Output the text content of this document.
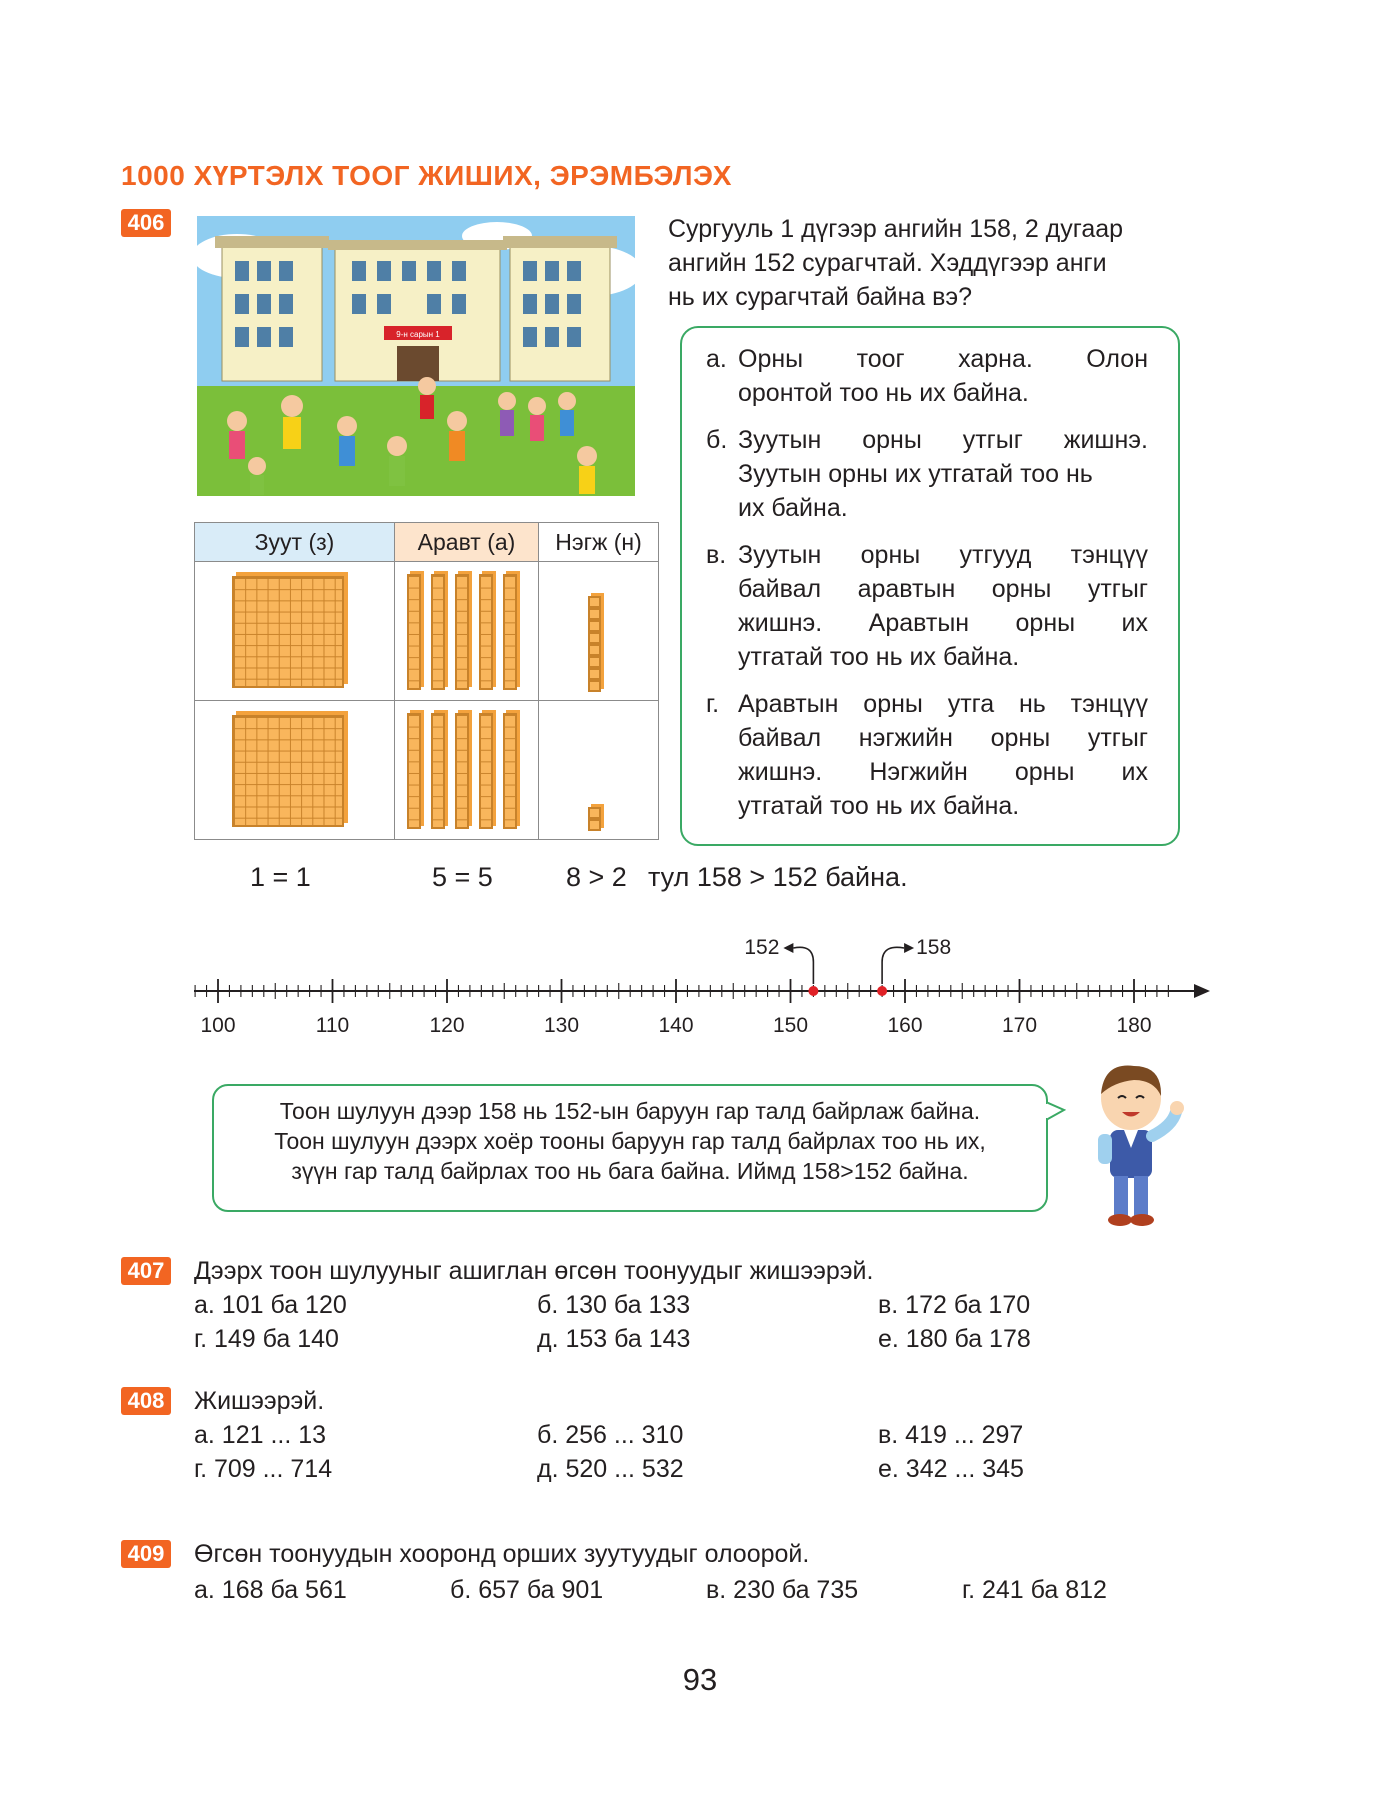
1000 ХҮРТЭЛХ ТООГ ЖИШИХ, ЭРЭМБЭЛЭХ
406
9-н сарын 1
Сургууль 1 дүгээр ангийн 158, 2 дугаар
ангийн 152 сурагчтай. Хэддүгээр анги
нь их сурагчтай байна вэ?
а. Орны тоог харна. Олон
оронтой тоо нь их байна.
б. Зуутын орны утгыг жишнэ.
Зуутын орны их утгатай тоо нь
их байна.
в. Зуутын орны утгууд тэнцүү
байвал аравтын орны утгыг
жишнэ. Аравтын орны их
утгатай тоо нь их байна.
г. Аравтын орны утга нь тэнцүү
байвал нэгжийн орны утгыг
жишнэ. Нэгжийн орны их
утгатай тоо нь их байна.
Зуут (з)	Аравт (а)	Нэгж (н)

1 = 1	5 = 5	8 > 2 тул 158 > 152 байна.
100	110	120	130	140	150	160	170	180
152	158
Тоон шулуун дээр 158 нь 152-ын баруун гар талд байрлаж байна.
Тоон шулуун дээрх хоёр тооны баруун гар талд байрлах тоо нь их,
зүүн гар талд байрлах тоо нь бага байна. Иймд 158>152 байна.
407 Дээрх тоон шулууныг ашиглан өгсөн тоонуудыг жишээрэй.
а. 101 ба 120	б. 130 ба 133	в. 172 ба 170
г. 149 ба 140	д. 153 ба 143	е. 180 ба 178
408 Жишээрэй.
а. 121 ... 13	б. 256 ... 310	в. 419 ... 297
г. 709 ... 714	д. 520 ... 532	е. 342 ... 345
409 Өгсөн тоонуудын хооронд орших зуутуудыг олоорой.
а. 168 ба 561	б. 657 ба 901	в. 230 ба 735	г. 241 ба 812
93
